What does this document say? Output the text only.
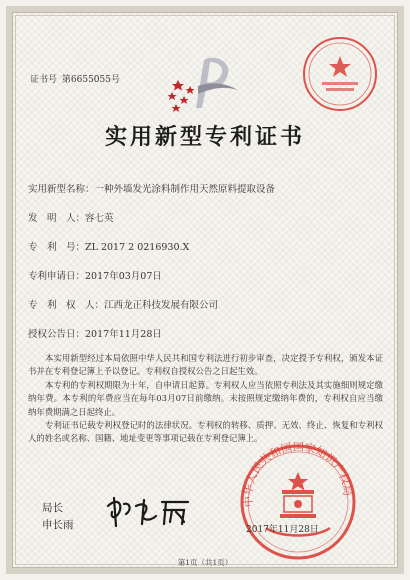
证书号 第6655055号
实用新型专利证书
实用新型名称：一种外墙发光涂料制作用天然原料提取设备
发　明　人：容七英
专　利　号：ZL 2017 2 0216930.X
专利申请日：2017年03月07日
专　利　权　人：江西龙正科技发展有限公司
授权公告日：2017年11月28日

本实用新型经过本局依照中华人民共和国专利法进行初步审查，决定授予专利权，颁发本证书并在专利登记簿上予以登记。专利权自授权公告之日起生效。

本专利的专利权期限为十年，自申请日起算。专利权人应当依照专利法及其实施细则规定缴纳年费。本专利的年费应当在每年03月07日前缴纳。未按照规定缴纳年费的，专利权自应当缴纳年费期满之日起终止。

专利证书记载专利权登记时的法律状况。专利权的转移、质押、无效、终止、恢复和专利权人的姓名或名称、国籍、地址变更等事项记载在专利登记簿上。

局长
申长雨
中华人民共和国国家知识产权局
2017年11月28日
第1页（共1页）
